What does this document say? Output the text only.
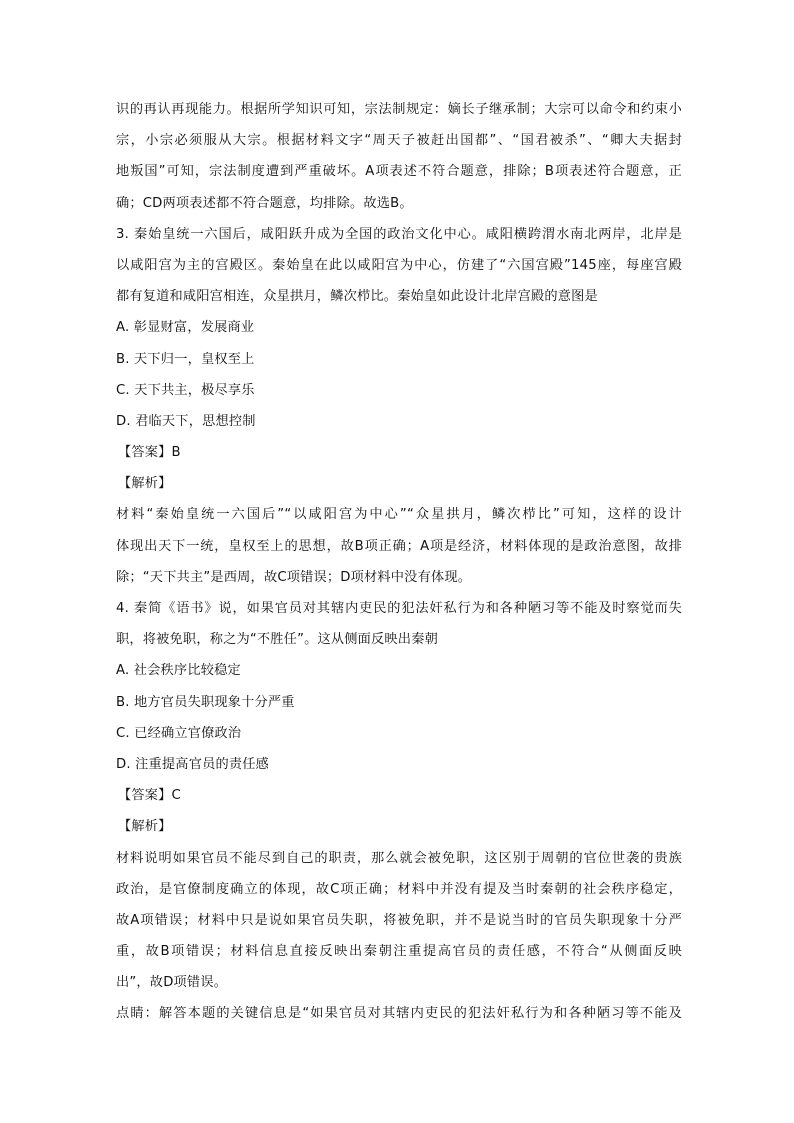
识的再认再现能力。根据所学知识可知，宗法制规定：嫡长子继承制；大宗可以命令和约束小
宗，小宗必须服从大宗。根据材料文字“周天子被赶出国都”、“国君被杀”、“卿大夫据封
地叛国”可知，宗法制度遭到严重破坏。A项表述不符合题意，排除；B项表述符合题意，正
确；CD两项表述都不符合题意，均排除。故选B。
3. 秦始皇统一六国后，咸阳跃升成为全国的政治文化中心。咸阳横跨渭水南北两岸，北岸是
以咸阳宫为主的宫殿区。秦始皇在此以咸阳宫为中心，仿建了“六国宫殿”145座，每座宫殿
都有复道和咸阳宫相连，众星拱月，鳞次栉比。秦始皇如此设计北岸宫殿的意图是
A. 彰显财富，发展商业
B. 天下归一，皇权至上
C. 天下共主，极尽享乐
D. 君临天下，思想控制
【答案】B
【解析】
材料“秦始皇统一六国后”“以咸阳宫为中心”“众星拱月，鳞次栉比”可知，这样的设计
体现出天下一统，皇权至上的思想，故B项正确；A项是经济，材料体现的是政治意图，故排
除；“天下共主”是西周，故C项错误；D项材料中没有体现。
4. 秦简《语书》说，如果官员对其辖内吏民的犯法奸私行为和各种陋习等不能及时察觉而失
职，将被免职，称之为“不胜任”。这从侧面反映出秦朝
A. 社会秩序比较稳定
B. 地方官员失职现象十分严重
C. 已经确立官僚政治
D. 注重提高官员的责任感
【答案】C
【解析】
材料说明如果官员不能尽到自己的职责，那么就会被免职，这区别于周朝的官位世袭的贵族
政治，是官僚制度确立的体现，故C项正确；材料中并没有提及当时秦朝的社会秩序稳定，
故A项错误；材料中只是说如果官员失职，将被免职，并不是说当时的官员失职现象十分严
重，故B项错误；材料信息直接反映出秦朝注重提高官员的责任感，不符合“从侧面反映
出”，故D项错误。
点睛：解答本题的关键信息是“如果官员对其辖内吏民的犯法奸私行为和各种陋习等不能及
